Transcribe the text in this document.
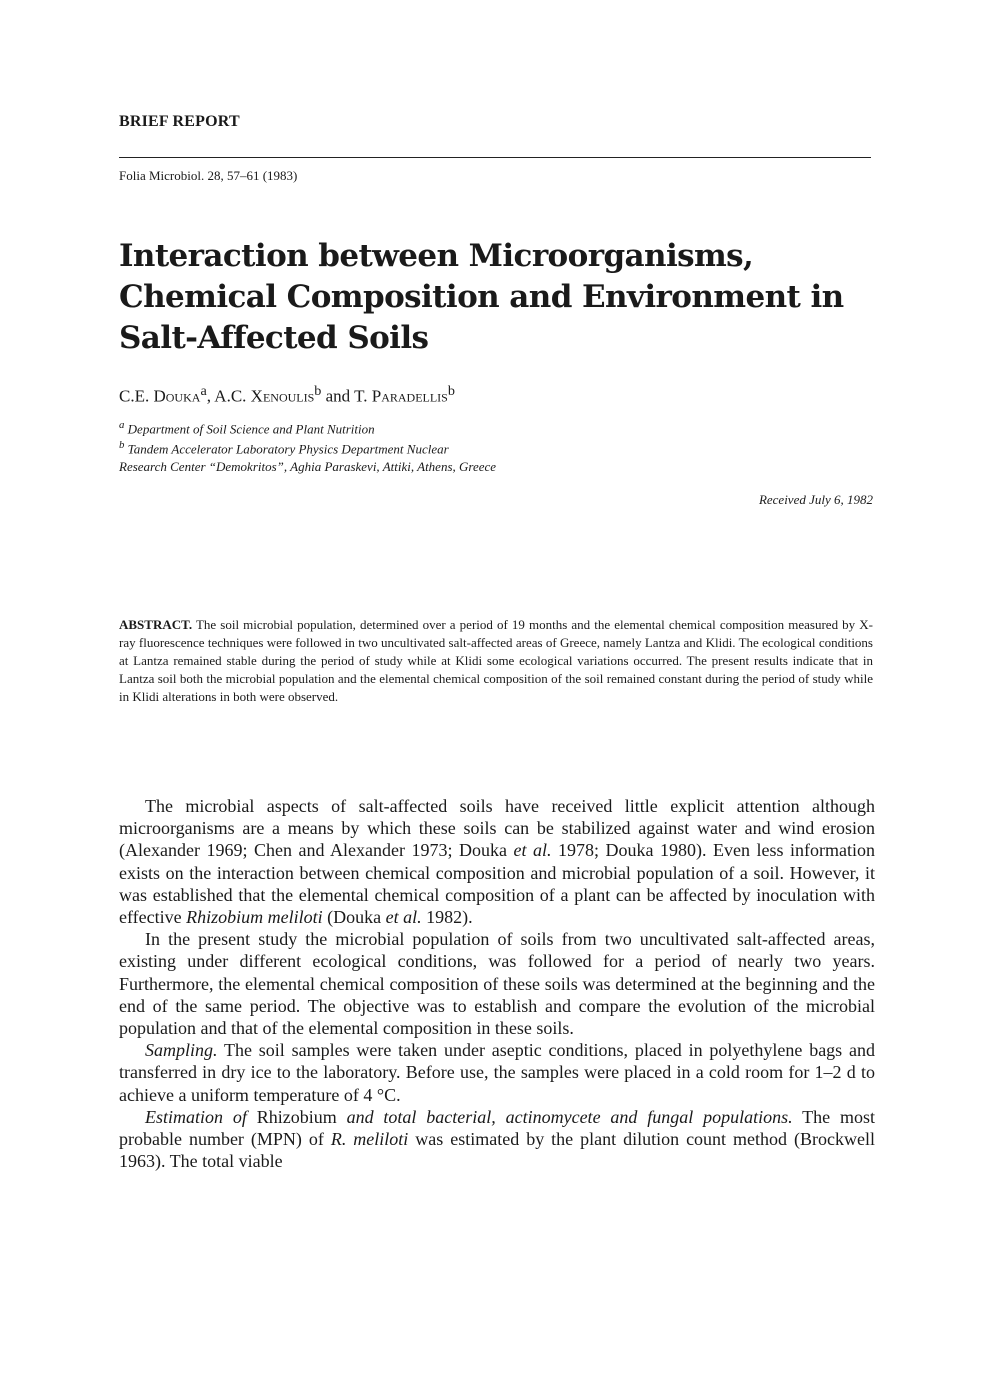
BRIEF REPORT
Folia Microbiol. 28, 57–61 (1983)
Interaction between Microorganisms, Chemical Composition and Environment in Salt-Affected Soils
C.E. Douka$^a$, A.C. Xenoulis$^b$ and T. Paradellis$^b$
$^a$ Department of Soil Science and Plant Nutrition
$^b$ Tandem Accelerator Laboratory Physics Department Nuclear
Research Center “Demokritos”, Aghia Paraskevi, Attiki, Athens, Greece
Received July 6, 1982

ABSTRACT. The soil microbial population, determined over a period of 19 months and the elemental chemical composition measured by X-ray fluorescence techniques were followed in two uncultivated salt-affected areas of Greece, namely Lantza and Klidi. The ecological conditions at Lantza remained stable during the period of study while at Klidi some ecological variations occurred. The present results indicate that in Lantza soil both the microbial population and the elemental chemical composition of the soil remained constant during the period of study while in Klidi alterations in both were observed.

The microbial aspects of salt-affected soils have received little explicit attention although microorganisms are a means by which these soils can be stabilized against water and wind erosion (Alexander 1969; Chen and Alexander 1973; Douka et al. 1978; Douka 1980). Even less information exists on the interaction between chemical composition and microbial population of a soil. However, it was established that the elemental chemical composition of a plant can be affected by inoculation with effective Rhizobium meliloti (Douka et al. 1982).

In the present study the microbial population of soils from two uncultivated salt-affected areas, existing under different ecological conditions, was followed for a period of nearly two years. Furthermore, the elemental chemical composition of these soils was determined at the beginning and the end of the same period. The objective was to establish and compare the evolution of the microbial population and that of the elemental composition in these soils.

Sampling. The soil samples were taken under aseptic conditions, placed in polyethylene bags and transferred in dry ice to the laboratory. Before use, the samples were placed in a cold room for 1–2 d to achieve a uniform temperature of 4 °C.

Estimation of Rhizobium and total bacterial, actinomycete and fungal populations. The most probable number (MPN) of R. meliloti was estimated by the plant dilution count method (Brockwell 1963). The total viable
